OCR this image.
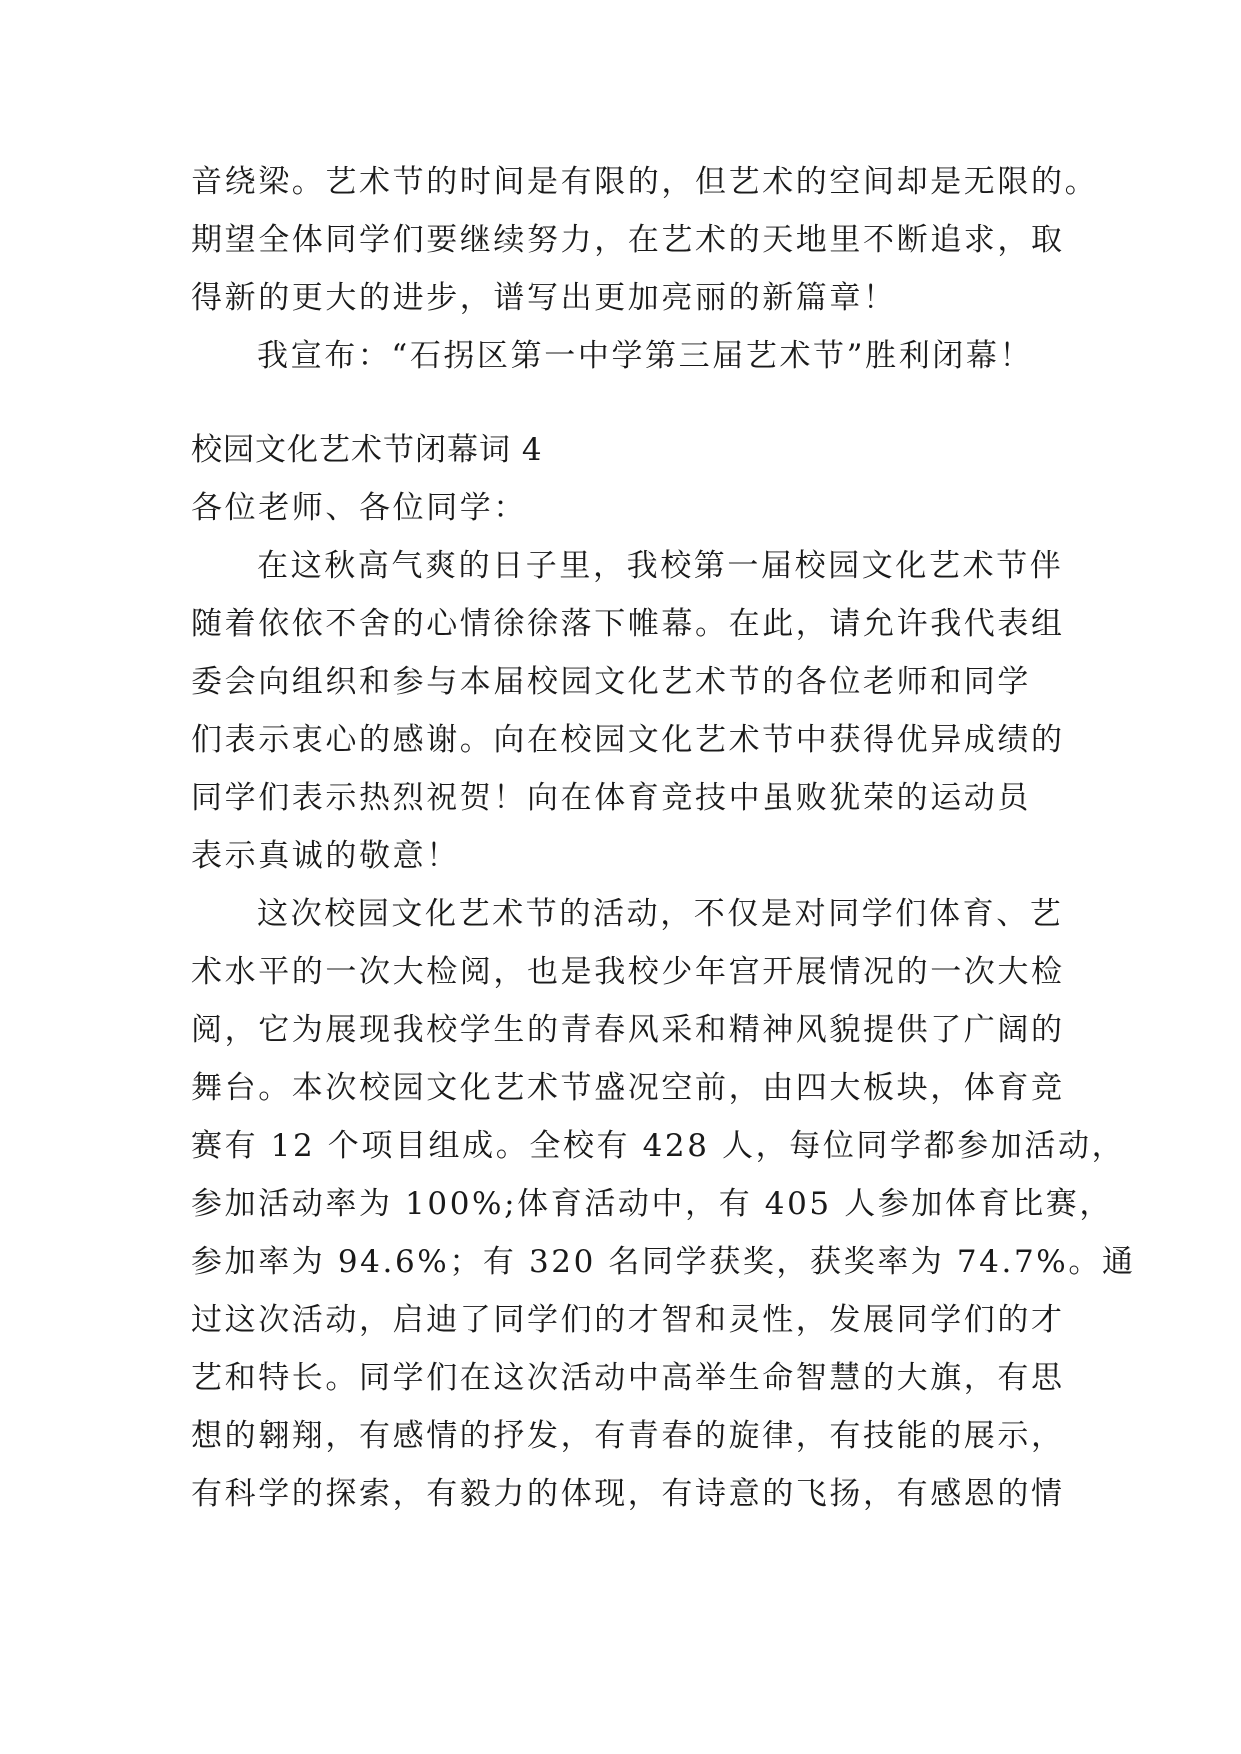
音绕梁。艺术节的时间是有限的，但艺术的空间却是无限的。
期望全体同学们要继续努力，在艺术的天地里不断追求，取
得新的更大的进步，谱写出更加亮丽的新篇章！
我宣布：“石拐区第一中学第三届艺术节”胜利闭幕！
校园文化艺术节闭幕词 4
各位老师、各位同学：
在这秋高气爽的日子里，我校第一届校园文化艺术节伴
随着依依不舍的心情徐徐落下帷幕。在此，请允许我代表组
委会向组织和参与本届校园文化艺术节的各位老师和同学
们表示衷心的感谢。向在校园文化艺术节中获得优异成绩的
同学们表示热烈祝贺！向在体育竞技中虽败犹荣的运动员
表示真诚的敬意！
这次校园文化艺术节的活动，不仅是对同学们体育、艺
术水平的一次大检阅，也是我校少年宫开展情况的一次大检
阅，它为展现我校学生的青春风采和精神风貌提供了广阔的
舞台。本次校园文化艺术节盛况空前，由四大板块，体育竞
赛有 12 个项目组成。全校有 428 人，每位同学都参加活动，
参加活动率为 100%;体育活动中，有 405 人参加体育比赛，
参加率为 94.6%；有 320 名同学获奖，获奖率为 74.7%。通
过这次活动，启迪了同学们的才智和灵性，发展同学们的才
艺和特长。同学们在这次活动中高举生命智慧的大旗，有思
想的翱翔，有感情的抒发，有青春的旋律，有技能的展示，
有科学的探索，有毅力的体现，有诗意的飞扬，有感恩的情
